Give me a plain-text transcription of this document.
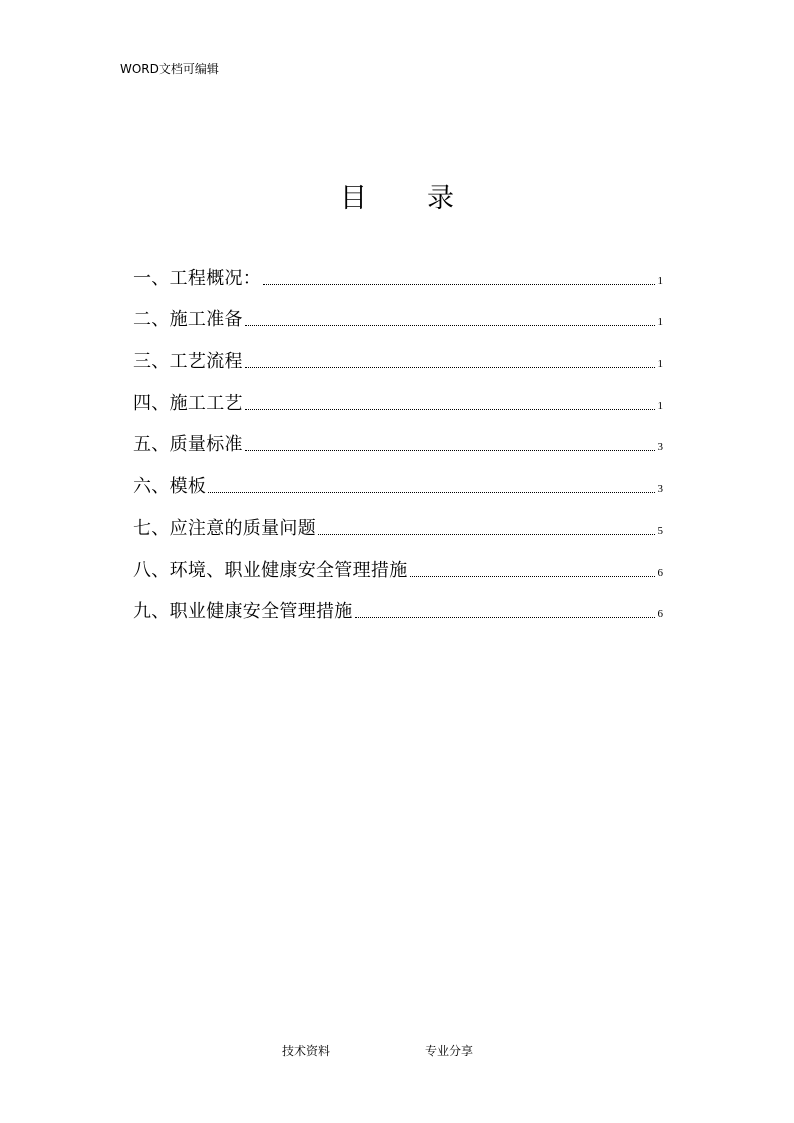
WORD文档可编辑
目 录
一、工程概况：	1
二、施工准备	1
三、工艺流程	1
四、施工工艺	1
五、质量标准	3
六、模板	3
七、应注意的质量问题	5
八、环境、职业健康安全管理措施	6
九、职业健康安全管理措施	6
技术资料	专业分享
